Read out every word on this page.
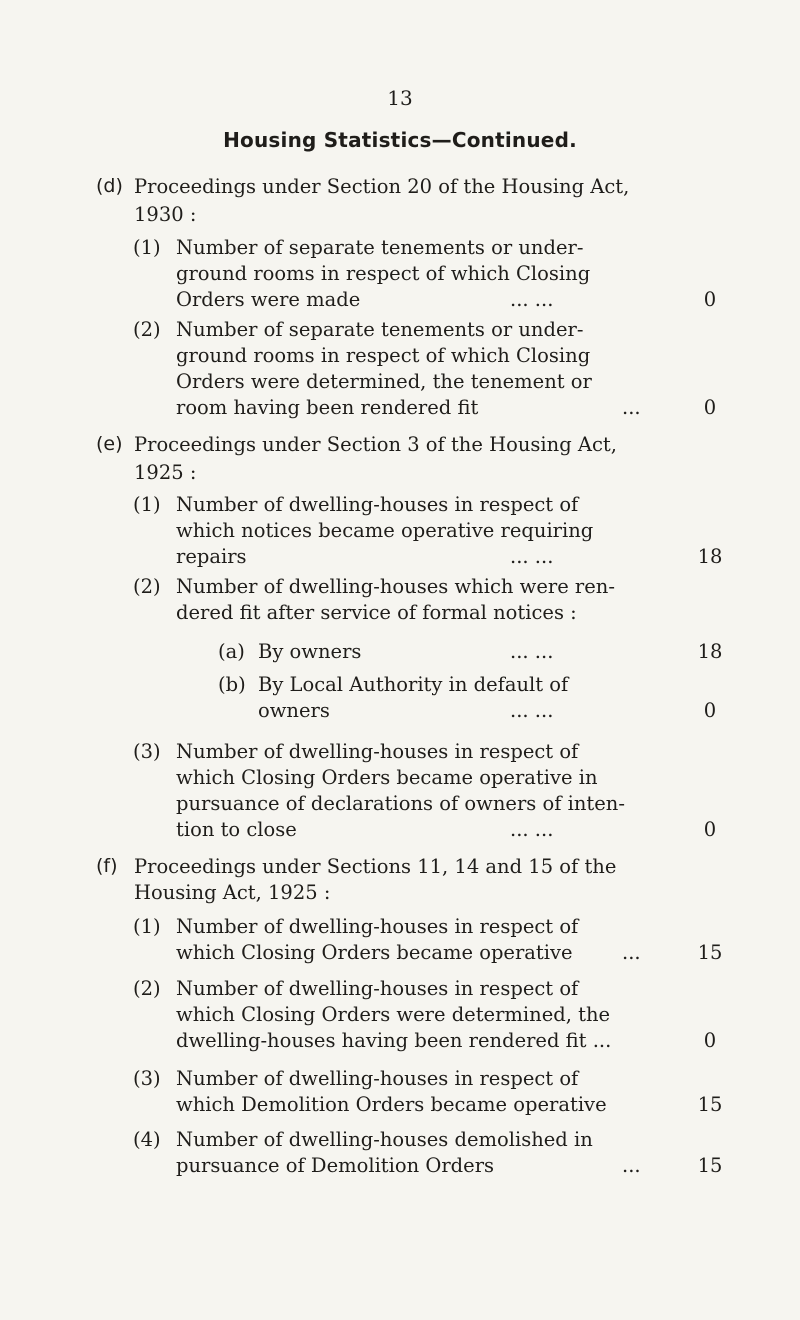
13
Housing Statistics—Continued.
(d) Proceedings under Section 20 of the Housing Act,
1930 :
(1) Number of separate tenements or under-
ground rooms in respect of which Closing
Orders were made	... ...	0
(2) Number of separate tenements or under-
ground rooms in respect of which Closing
Orders were determined, the tenement or
room having been rendered fit	...	0
(e) Proceedings under Section 3 of the Housing Act,
1925 :
(1) Number of dwelling-houses in respect of
which notices became operative requiring
repairs	... ...	18
(2) Number of dwelling-houses which were ren-
dered fit after service of formal notices :
(a) By owners	... ...	18
(b) By Local Authority in default of
owners	... ...	0
(3) Number of dwelling-houses in respect of
which Closing Orders became operative in
pursuance of declarations of owners of inten-
tion to close	... ...	0
(f) Proceedings under Sections 11, 14 and 15 of the
Housing Act, 1925 :
(1) Number of dwelling-houses in respect of
which Closing Orders became operative	...	15
(2) Number of dwelling-houses in respect of
which Closing Orders were determined, the
dwelling-houses having been rendered fit ...	0
(3) Number of dwelling-houses in respect of
which Demolition Orders became operative	15
(4) Number of dwelling-houses demolished in
pursuance of Demolition Orders	...	15
